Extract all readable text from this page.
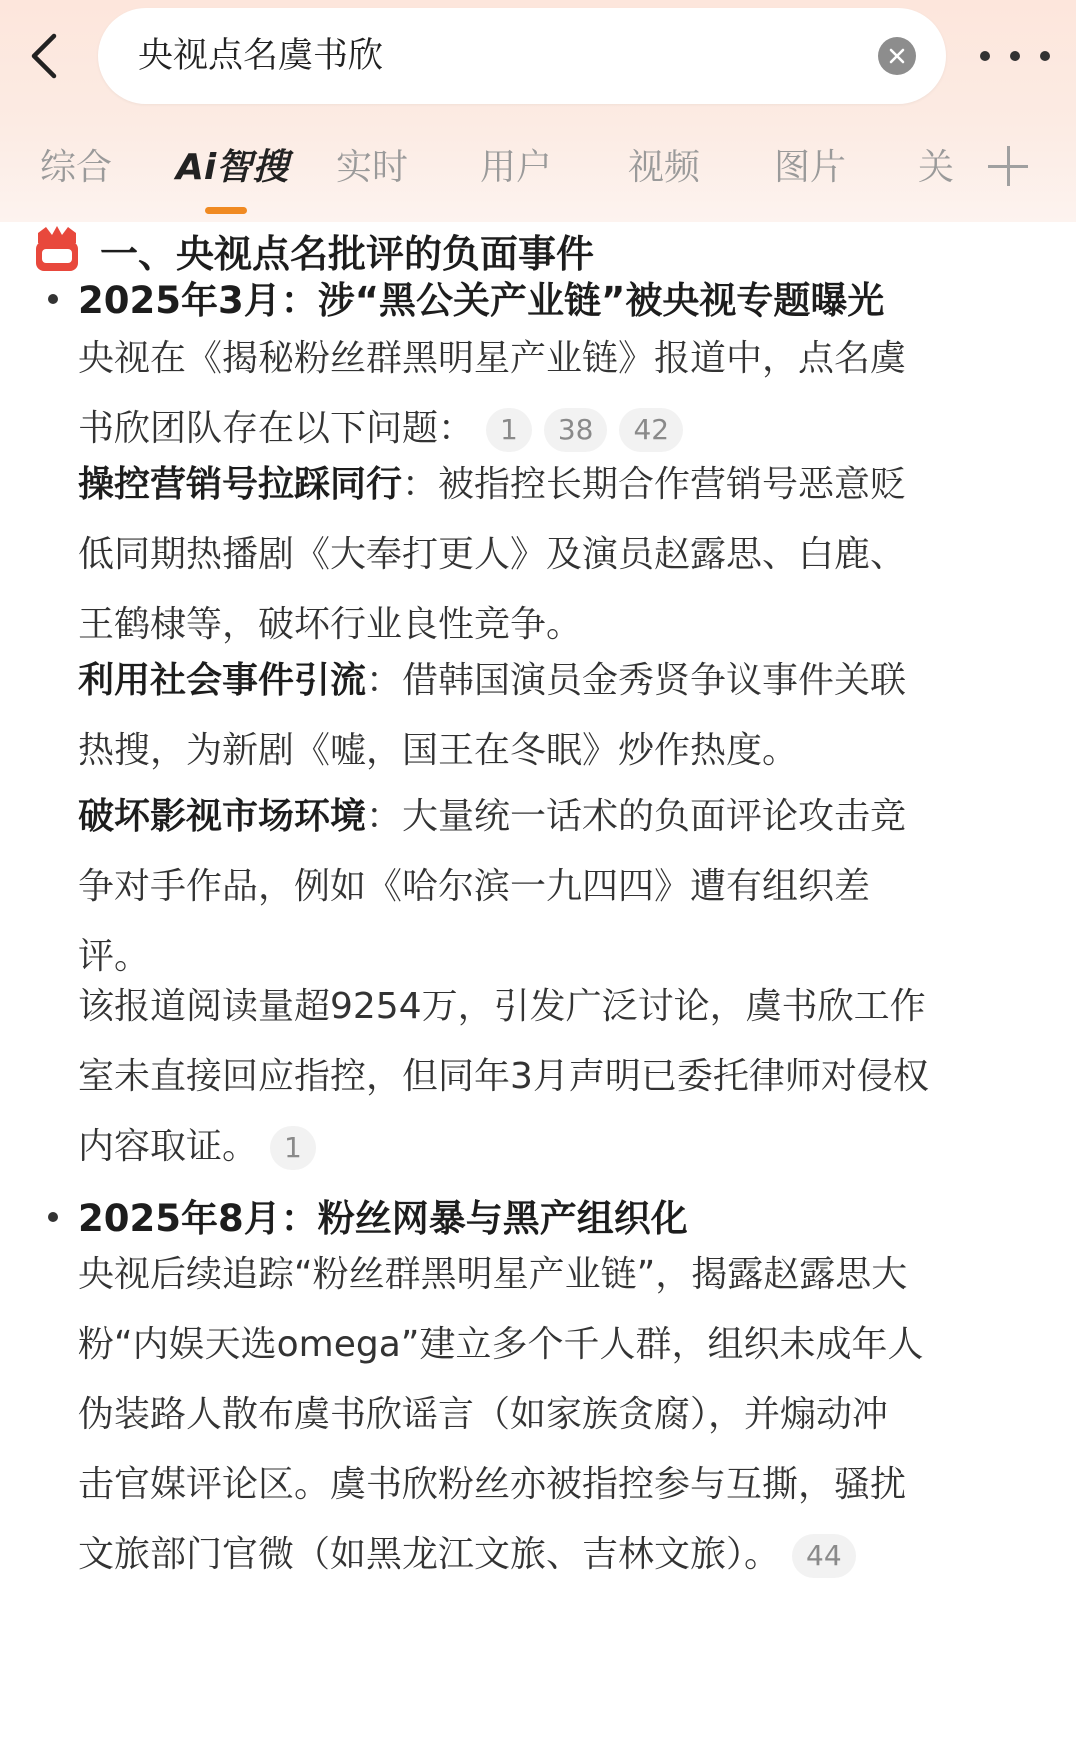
央视点名虞书欣
综合 Ai智搜 实时 用户 视频 图片 关
一、央视点名批评的负面事件
2025年3月：涉“黑公关产业链”被央视专题曝光
央视在《揭秘粉丝群黑明星产业链》报道中，点名虞
书欣团队存在以下问题： 1 38 42
操控营销号拉踩同行：被指控长期合作营销号恶意贬
低同期热播剧《大奉打更人》及演员赵露思、白鹿、
王鹤棣等，破坏行业良性竞争。
利用社会事件引流：借韩国演员金秀贤争议事件关联
热搜，为新剧《嘘，国王在冬眠》炒作热度。
破坏影视市场环境：大量统一话术的负面评论攻击竞
争对手作品，例如《哈尔滨一九四四》遭有组织差
评。
该报道阅读量超9254万，引发广泛讨论，虞书欣工作
室未直接回应指控，但同年3月声明已委托律师对侵权
内容取证。 1
2025年8月：粉丝网暴与黑产组织化
央视后续追踪“粉丝群黑明星产业链”，揭露赵露思大
粉“内娱天选omega”建立多个千人群，组织未成年人
伪装路人散布虞书欣谣言（如家族贪腐），并煽动冲
击官媒评论区。虞书欣粉丝亦被指控参与互撕，骚扰
文旅部门官微（如黑龙江文旅、吉林文旅）。 44
